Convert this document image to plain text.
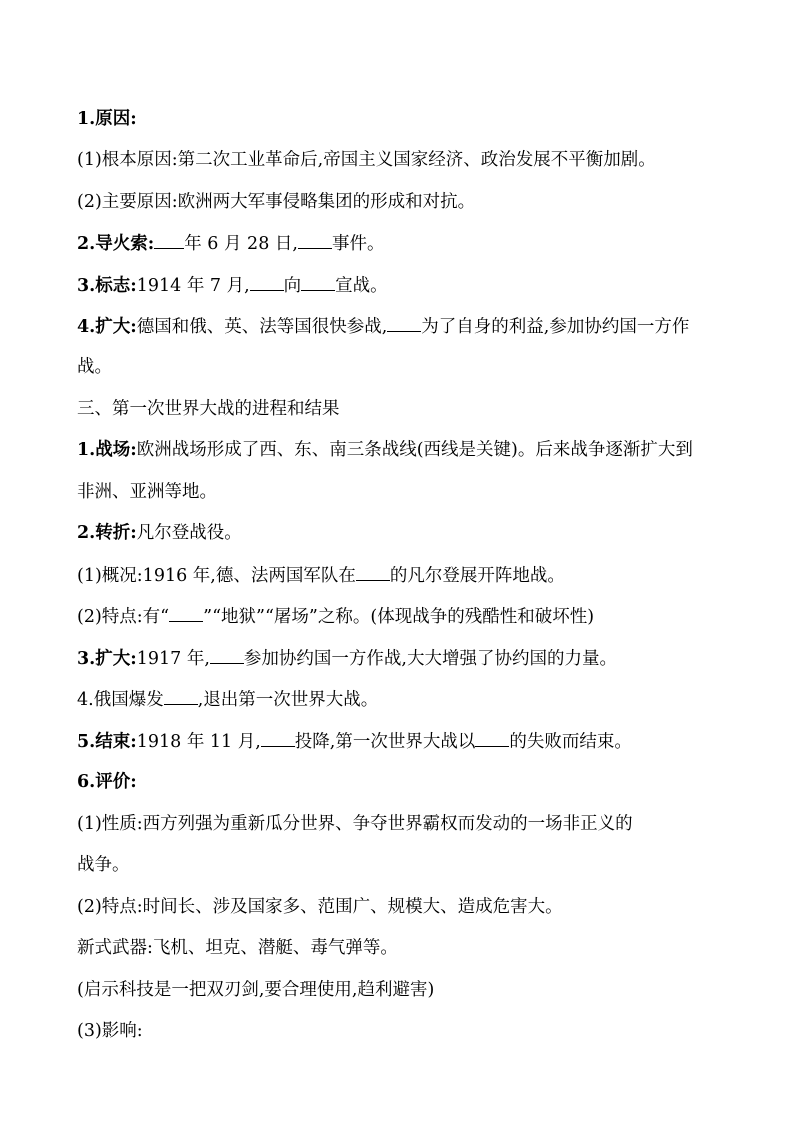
1.原因:
(1)根本原因:第二次工业革命后,帝国主义国家经济、政治发展不平衡加剧。
(2)主要原因:欧洲两大军事侵略集团的形成和对抗。
2.导火索: 年 6 月 28 日, 事件。
3.标志:1914 年 7 月, 向 宣战。
4.扩大:德国和俄、英、法等国很快参战, 为了自身的利益,参加协约国一方作
战。
三、第一次世界大战的进程和结果
1.战场:欧洲战场形成了西、东、南三条战线(西线是关键)。后来战争逐渐扩大到
非洲、亚洲等地。
2.转折:凡尔登战役。
(1)概况:1916 年,德、法两国军队在 的凡尔登展开阵地战。
(2)特点:有“ ”“地狱”“屠场”之称。(体现战争的残酷性和破坏性)
3.扩大:1917 年, 参加协约国一方作战,大大增强了协约国的力量。
4.俄国爆发 ,退出第一次世界大战。
5.结束:1918 年 11 月, 投降,第一次世界大战以 的失败而结束。
6.评价:
(1)性质:西方列强为重新瓜分世界、争夺世界霸权而发动的一场非正义的
战争。
(2)特点:时间长、涉及国家多、范围广、规模大、造成危害大。
新式武器:飞机、坦克、潜艇、毒气弹等。
(启示科技是一把双刃剑,要合理使用,趋利避害)
(3)影响:
